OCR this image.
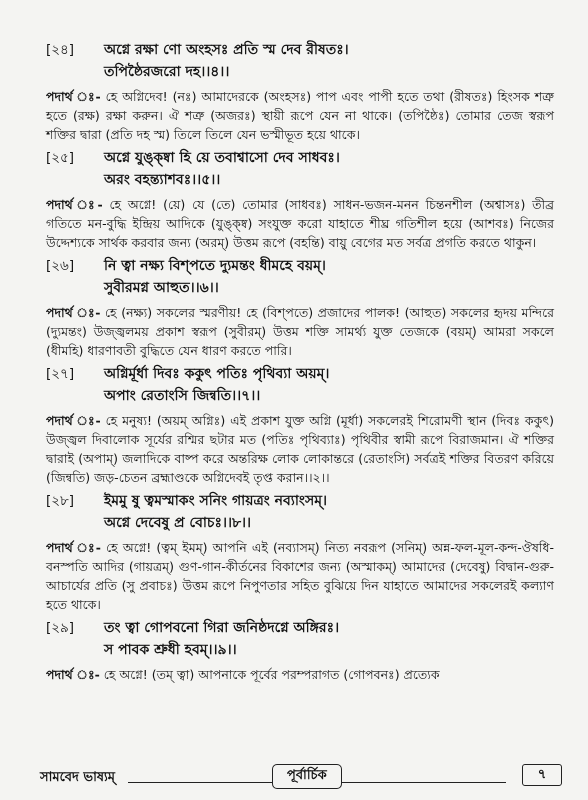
[২৪]	অগ্নে রক্ষা ণো অংহসঃ প্রতি স্ম দেব রীষতঃ।
তপিষ্ঠৈরজরো দহ।।৪।।
পদার্থ ঃ- হে অগ্নিদেব! (নঃ) আমাদেরকে (অংহসঃ) পাপ এবং পাপী হতে তথা (রীষতঃ) হিংসক শত্রু হতে (রক্ষ) রক্ষা করুন। ঐ শত্রু (অজরঃ) স্থায়ী রূপে যেন না থাকে। (তপিষ্ঠৈঃ) তোমার তেজ স্বরূপ শক্তির দ্বারা (প্রতি দহ স্ম) তিলে তিলে যেন ভস্মীভূত হয়ে থাকে।
[২৫]	অগ্নে যুঙ্ক্ষ্বা হি য়ে তবাশ্বাসো দেব সাধবঃ।
অরং বহন্ত্যাশবঃ।।৫।।
পদার্থ ঃ- হে অগ্নে! (য়ে) যে (তে) তোমার (সাধবঃ) সাধন-ভজন-মনন চিন্তনশীল (অশ্বাসঃ) তীব্র গতিতে মন-বুদ্ধি ইন্দ্রিয় আদিকে (যুঙ্ক্ষ্ব) সংযুক্ত করো যাহাতে শীঘ্র গতিশীল হয়ে (আশবঃ) নিজের উদ্দেশ্যকে সার্থক করবার জন্য (অরম্) উত্তম রূপে (বহন্তি) বায়ু বেগের মত সর্বত্র প্রগতি করতে থাকুন।
[২৬]	নি ত্বা নক্ষ্য বিশ্পতে দ্যুমন্তং ধীমহে বয়ম্।
সুবীরমগ্ন আহুত।।৬।।
পদার্থ ঃ- হে (নক্ষ্য) সকলের স্মরণীয়! হে (বিশ্পতে) প্রজাদের পালক! (আহুত) সকলের হৃদয় মন্দিরে (দ্যুমন্তং) উজ্জ্বলময় প্রকাশ স্বরূপ (সুবীরম্) উত্তম শক্তি সামর্থ্য যুক্ত তেজকে (বয়ম্) আমরা সকলে (ধীমহি) ধারণাবতী বুদ্ধিতে যেন ধারণ করতে পারি।
[২৭]	অগ্নির্মূর্ধা দিবঃ ককুৎ পতিঃ পৃথিব্যা অয়ম্।
অপাং রেতাংসি জিন্বতি।।৭।।
পদার্থ ঃ- হে মনুষ্য! (অয়ম্ অগ্নিঃ) এই প্রকাশ যুক্ত অগ্নি (মূর্ধা) সকলেরই শিরোমণী স্থান (দিবঃ ককুৎ) উজ্জ্বল দিবালোক সূর্যের রশ্মির ছটার মত (পতিঃ পৃথিব্যাঃ) পৃথিবীর স্বামী রূপে বিরাজমান। ঐ শক্তির দ্বারাই (অপাম্) জলাদিকে বাষ্প করে অন্তরিক্ষ লোক লোকান্তরে (রেতাংসি) সর্বত্রই শক্তির বিতরণ করিয়ে (জিন্বতি) জড়-চেতন ব্রহ্মাণ্ডকে অগ্নিদেবই তৃপ্ত করান।।২।।
[২৮]	ইমমু ষু ত্বমস্মাকং সনিং গায়ত্রং নব্যাংসম্।
অগ্নে দেবেষু প্র বোচঃ।।৮।।
পদার্থ ঃ- হে অগ্নে! (ত্বম্ ইমম্) আপনি এই (নব্যাসম্) নিত্য নবরূপ (সনিম্) অন্ন-ফল-মূল-কন্দ-ঔষধি-বনস্পতি আদির (গায়ত্রম্) গুণ-গান-কীর্তনের বিকাশের জন্য (অস্মাকম্) আমাদের (দেবেষু) বিদ্বান-গুরু-আচার্যের প্রতি (সু প্রবাচঃ) উত্তম রূপে নিপুণতার সহিত বুঝিয়ে দিন যাহাতে আমাদের সকলেরই কল্যাণ হতে থাকে।
[২৯]	তং ত্বা গোপবনো গিরা জনিষ্ঠদগ্নে অঙ্গিরঃ।
স পাবক শ্রুধী হবম্।।৯।।
পদার্থ ঃ- হে অগ্নে! (তম্ ত্বা) আপনাকে পূর্বের পরম্পরাগত (গোপবনঃ) প্রত্যেক
সামবেদ ভাষ্যম্	পূর্বার্চিক	৭
